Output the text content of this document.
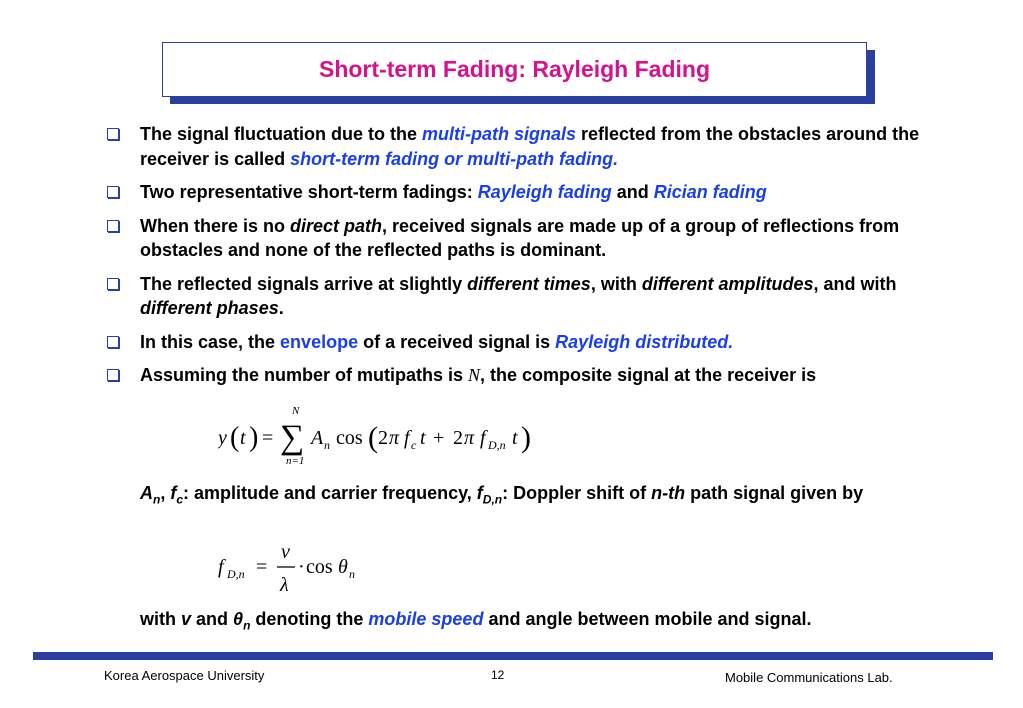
Short-term Fading: Rayleigh Fading
The signal fluctuation due to the multi-path signals reflected from the obstacles around the receiver is called short-term fading or multi-path fading.
Two representative short-term fadings: Rayleigh fading and Rician fading
When there is no direct path, received signals are made up of a group of reflections from obstacles and none of the reflected paths is dominant.
The reflected signals arrive at slightly different times, with different amplitudes, and with different phases.
In this case, the envelope of a received signal is Rayleigh distributed.
Assuming the number of mutipaths is N, the composite signal at the receiver is
y ( t ) =
N
∑
n=1
A n cos ( 2 π f c t + 2 π f D,n t )
$A_n$, $f_c$: amplitude and carrier frequency, $f_{D,n}$: Doppler shift of n-th path signal given by
f D,n =
v
λ
· cos θ n
with v and $\theta_n$ denoting the mobile speed and angle between mobile and signal.
Korea Aerospace University	12	Mobile Communications Lab.
